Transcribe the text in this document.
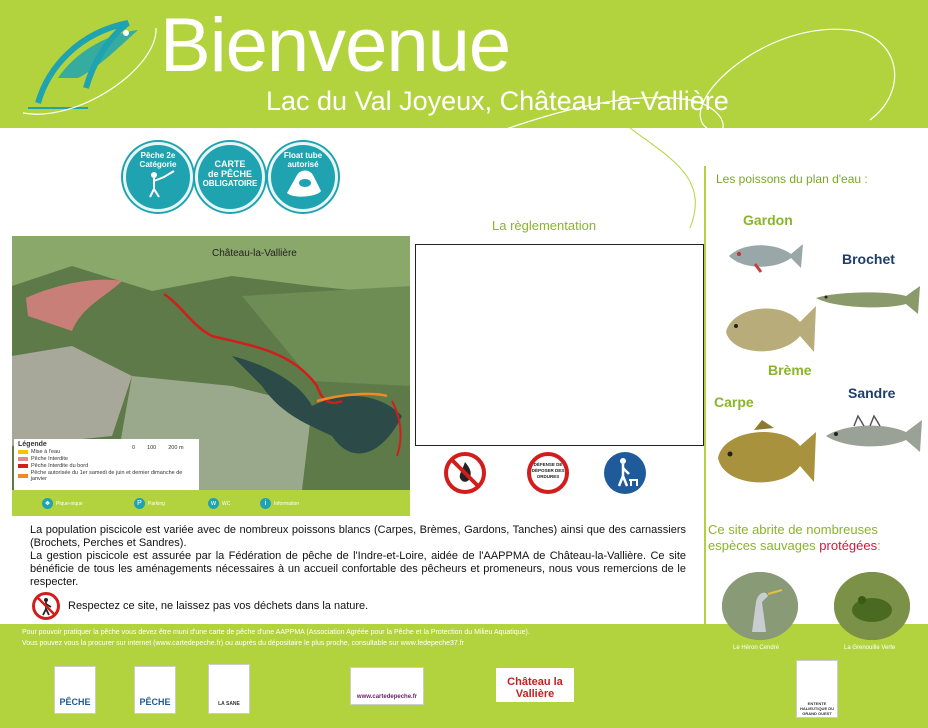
Bienvenue
Lac du Val Joyeux, Château-la-Vallière
Pêche 2e
Catégorie	CARTE
de PÊCHE
OBLIGATOIRE
Float tube
autorisé
Château-la-Vallière
Légende
Mise à l'eau
Pêche Interdite
Pêche Interdite du bord
Pêche autorisée du 1er samedi de juin et dernier dimanche de janvier
0 100 200 m
♣	Pique-nique	P	Parking	w	WC	i	Information
La règlementation
DÉFENSE DE DÉPOSER DES ORDURES

La population piscicole est variée avec de nombreux poissons blancs (Carpes, Brèmes, Gardons, Tanches) ainsi que des carnassiers (Brochets, Perches et Sandres).

La gestion piscicole est assurée par la Fédération de pêche de l'Indre-et-Loire, aidée de l'AAPPMA de Château-la-Vallière. Ce site bénéficie de tous les aménagements nécessaires à un accueil confortable des pêcheurs et promeneurs, nous vous remercions de le respecter.

Respectez ce site, ne laissez pas vos déchets dans la nature.
Pour pouvoir pratiquer la pêche vous devez être muni d'une carte de pêche d'une AAPPMA (Association Agréée pour la Pêche et la Protection du Milieu Aquatique).
Vous pouvez vous la procurer sur internet (www.cartedepeche.fr) ou auprès du dépositaire le plus proche, consultable sur www.fedepeche37.fr
PÊCHE	PÊCHE	LA SANE
www.cartedepeche.fr
Château la Vallière
ENTENTE HALIEUTIQUE DU GRAND OUEST
Les poissons du plan d'eau :
Gardon
Brochet
Brème
Carpe
Sandre
Ce site abrite de nombreuses espèces sauvages protégées:
Le Héron Cendré	La Grenouille Verte
